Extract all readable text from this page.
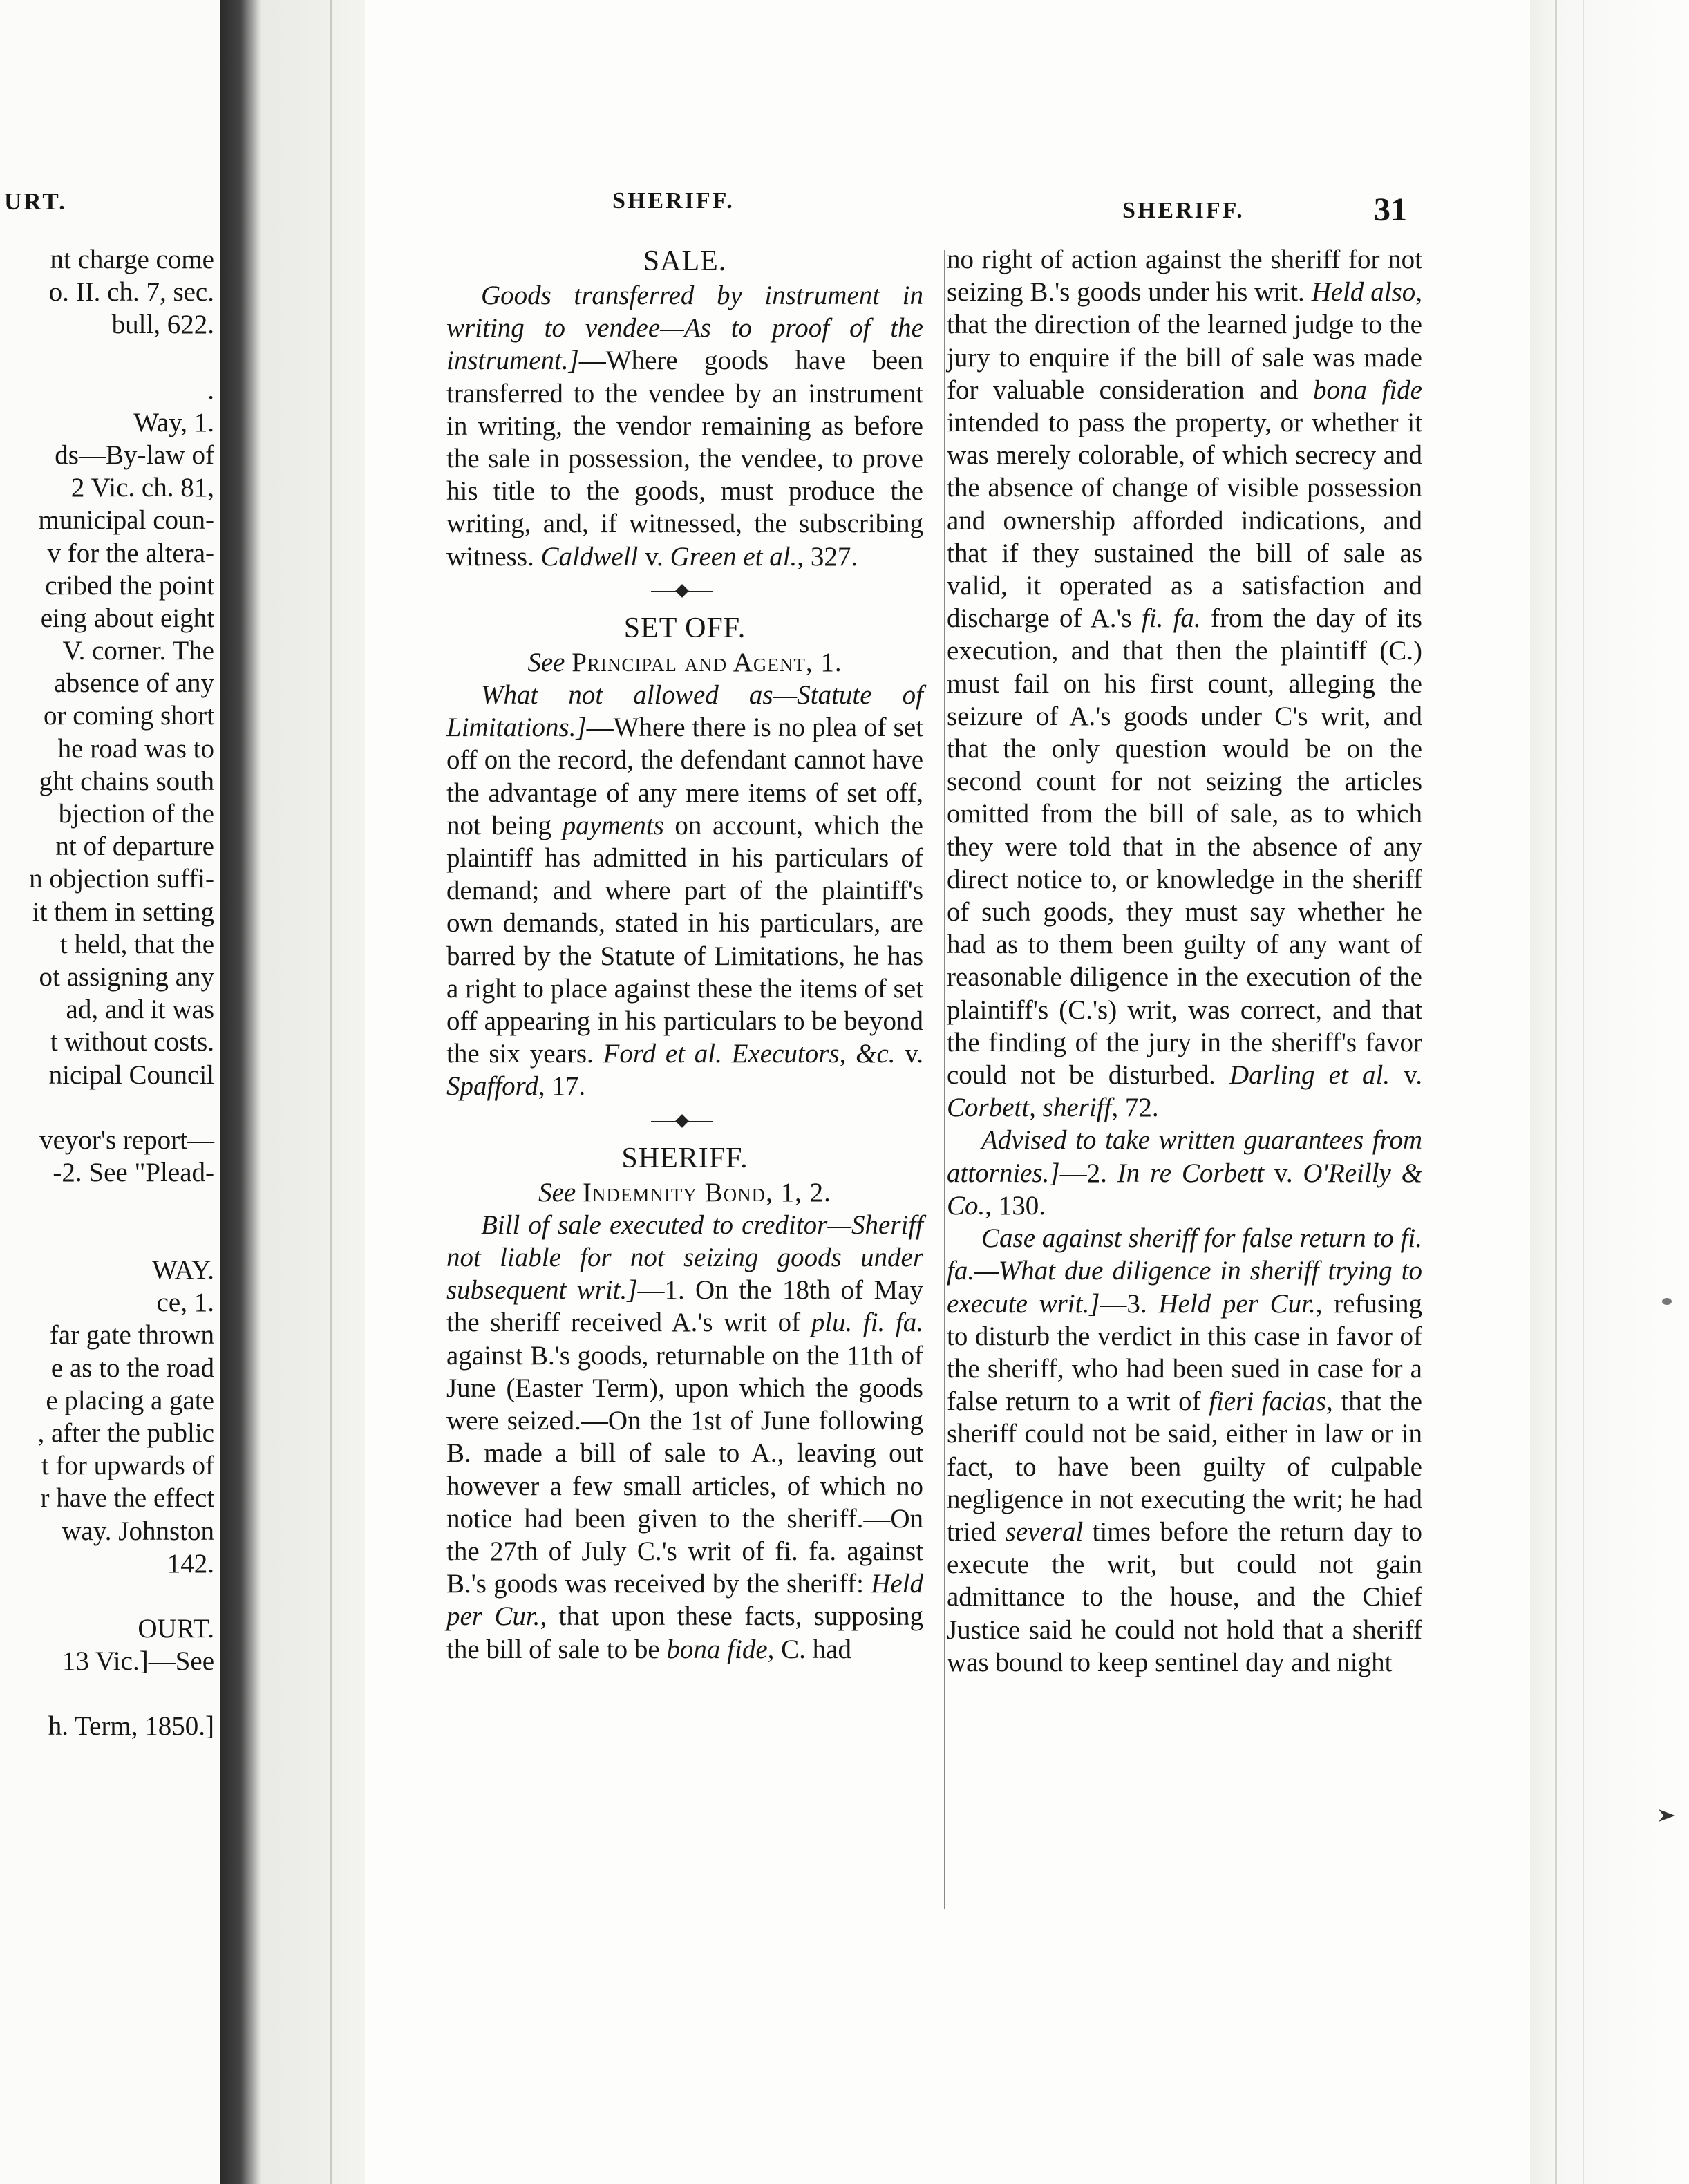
URT.
nt charge come
o. II. ch. 7, sec.
bull, 622.
.
Way, 1.
ds—By-law of
2 Vic. ch. 81,
municipal coun-
v for the altera-
cribed the point
eing about eight
V. corner. The
absence of any
or coming short
he road was to
ght chains south
bjection of the
nt of departure
n objection suffi-
it them in setting
t held, that the
ot assigning any
ad, and it was
t without costs.
nicipal Council
veyor's report—
-2. See "Plead-
WAY.
ce, 1.
far gate thrown
e as to the road
e placing a gate
, after the public
t for upwards of
r have the effect
way. Johnston
142.
OURT.
13 Vic.]—See
h. Term, 1850.]
SHERIFF.	SHERIFF.	31

SALE.

Goods transferred by instrument in writing to vendee—As to proof of the instrument.]—Where goods have been transferred to the vendee by an instrument in writing, the vendor remaining as before the sale in possession, the vendee, to prove his title to the goods, must produce the writing, and, if witnessed, the subscribing witness. Caldwell v. Green et al., 327.

SET OFF.

See Principal and Agent, 1.

What not allowed as—Statute of Limitations.]—Where there is no plea of set off on the record, the defendant cannot have the advantage of any mere items of set off, not being payments on account, which the plaintiff has admitted in his particulars of demand; and where part of the plaintiff's own demands, stated in his particulars, are barred by the Statute of Limitations, he has a right to place against these the items of set off appearing in his particulars to be beyond the six years. Ford et al. Executors, &c. v. Spafford, 17.

SHERIFF.

See Indemnity Bond, 1, 2.

Bill of sale executed to creditor—Sheriff not liable for not seizing goods under subsequent writ.]—1. On the 18th of May the sheriff received A.'s writ of plu. fi. fa. against B.'s goods, returnable on the 11th of June (Easter Term), upon which the goods were seized.—On the 1st of June following B. made a bill of sale to A., leaving out however a few small articles, of which no notice had been given to the sheriff.—On the 27th of July C.'s writ of fi. fa. against B.'s goods was received by the sheriff: Held per Cur., that upon these facts, supposing the bill of sale to be bona fide, C. had

no right of action against the sheriff for not seizing B.'s goods under his writ. Held also, that the direction of the learned judge to the jury to enquire if the bill of sale was made for valuable consideration and bona fide intended to pass the property, or whether it was merely colorable, of which secrecy and the absence of change of visible possession and ownership afforded indications, and that if they sustained the bill of sale as valid, it operated as a satisfaction and discharge of A.'s fi. fa. from the day of its execution, and that then the plaintiff (C.) must fail on his first count, alleging the seizure of A.'s goods under C's writ, and that the only question would be on the second count for not seizing the articles omitted from the bill of sale, as to which they were told that in the absence of any direct notice to, or knowledge in the sheriff of such goods, they must say whether he had as to them been guilty of any want of reasonable diligence in the execution of the plaintiff's (C.'s) writ, was correct, and that the finding of the jury in the sheriff's favor could not be disturbed. Darling et al. v. Corbett, sheriff, 72.

Advised to take written guarantees from attornies.]—2. In re Corbett v. O'Reilly & Co., 130.

Case against sheriff for false return to fi. fa.—What due diligence in sheriff trying to execute writ.]—3. Held per Cur., refusing to disturb the verdict in this case in favor of the sheriff, who had been sued in case for a false return to a writ of fieri facias, that the sheriff could not be said, either in law or in fact, to have been guilty of culpable negligence in not executing the writ; he had tried several times before the return day to execute the writ, but could not gain admittance to the house, and the Chief Justice said he could not hold that a sheriff was bound to keep sentinel day and night
